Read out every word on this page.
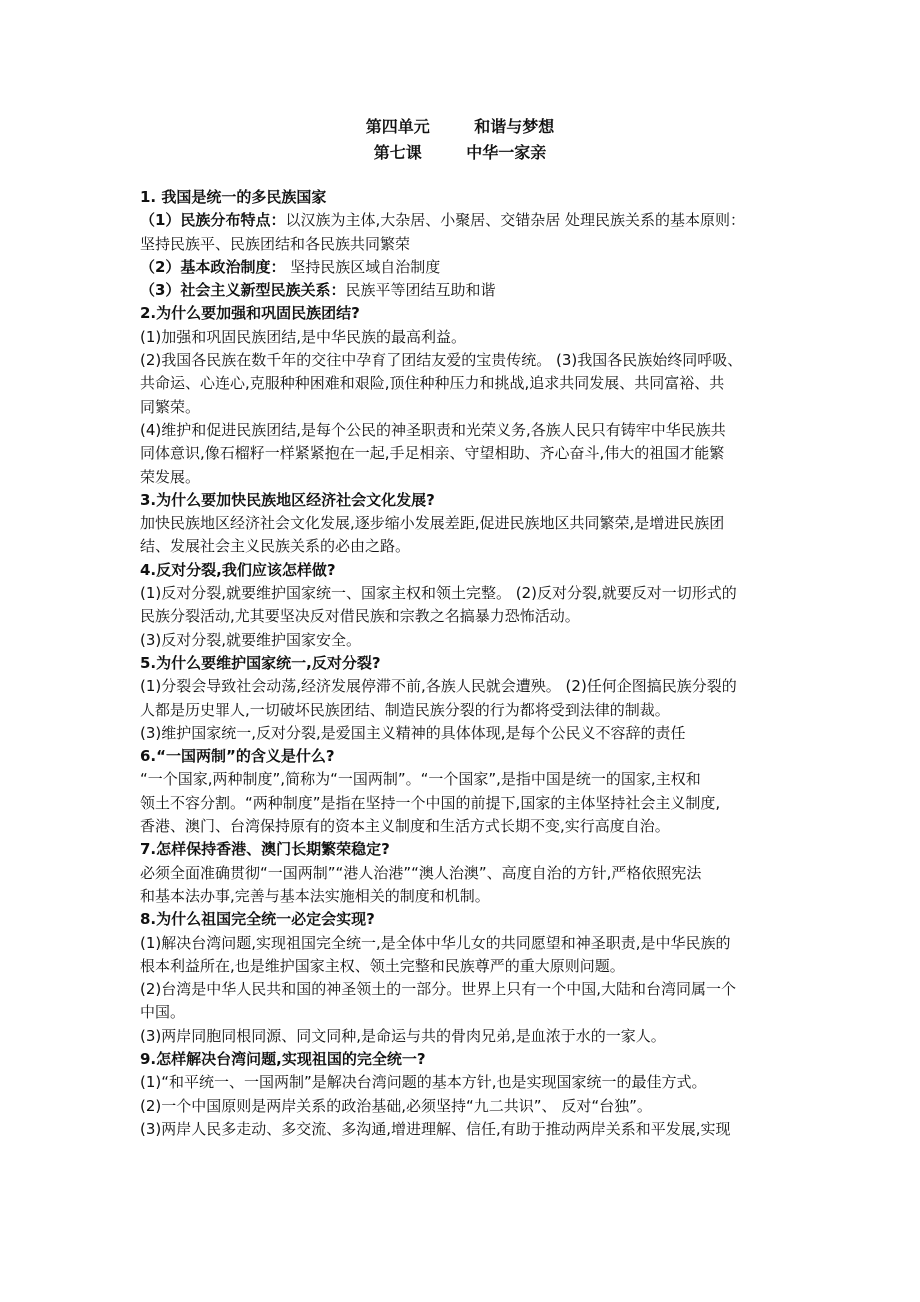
第四单元        和谐与梦想
第七课        中华一家亲
1. 我国是统一的多民族国家
（1）民族分布特点：以汉族为主体,大杂居、小聚居、交错杂居 处理民族关系的基本原则：
坚持民族平、民族团结和各民族共同繁荣
（2）基本政治制度： 坚持民族区域自治制度
（3）社会主义新型民族关系：民族平等团结互助和谐
2.为什么要加强和巩固民族团结?
(1)加强和巩固民族团结,是中华民族的最高利益。
(2)我国各民族在数千年的交往中孕育了团结友爱的宝贵传统。 (3)我国各民族始终同呼吸、
共命运、心连心,克服种种困难和艰险,顶住种种压力和挑战,追求共同发展、共同富裕、共
同繁荣。
(4)维护和促进民族团结,是每个公民的神圣职责和光荣义务,各族人民只有铸牢中华民族共
同体意识,像石榴籽一样紧紧抱在一起,手足相亲、守望相助、齐心奋斗,伟大的祖国才能繁
荣发展。
3.为什么要加快民族地区经济社会文化发展?
加快民族地区经济社会文化发展,逐步缩小发展差距,促进民族地区共同繁荣,是增进民族团
结、发展社会主义民族关系的必由之路。
4.反对分裂,我们应该怎样做?
(1)反对分裂,就要维护国家统一、国家主权和领土完整。 (2)反对分裂,就要反对一切形式的
民族分裂活动,尤其要坚决反对借民族和宗教之名搞暴力恐怖活动。
(3)反对分裂,就要维护国家安全。
5.为什么要维护国家统一,反对分裂?
(1)分裂会导致社会动荡,经济发展停滞不前,各族人民就会遭殃。 (2)任何企图搞民族分裂的
人都是历史罪人,一切破坏民族团结、制造民族分裂的行为都将受到法律的制裁。
(3)维护国家统一,反对分裂,是爱国主义精神的具体体现,是每个公民义不容辞的责任
6.“一国两制”的含义是什么?
“一个国家,两种制度”,简称为“一国两制”。“一个国家”,是指中国是统一的国家,主权和
领土不容分割。“两种制度”是指在坚持一个中国的前提下,国家的主体坚持社会主义制度,
香港、澳门、台湾保持原有的资本主义制度和生活方式长期不变,实行高度自治。
7.怎样保持香港、澳门长期繁荣稳定?
必须全面准确贯彻“一国两制”“港人治港”“澳人治澳”、高度自治的方针,严格依照宪法
和基本法办事,完善与基本法实施相关的制度和机制。
8.为什么祖国完全统一必定会实现?
(1)解决台湾问题,实现祖国完全统一,是全体中华儿女的共同愿望和神圣职责,是中华民族的
根本利益所在,也是维护国家主权、领土完整和民族尊严的重大原则问题。
(2)台湾是中华人民共和国的神圣领土的一部分。世界上只有一个中国,大陆和台湾同属一个
中国。
(3)两岸同胞同根同源、同文同种,是命运与共的骨肉兄弟,是血浓于水的一家人。
9.怎样解决台湾问题,实现祖国的完全统一?
(1)“和平统一、一国两制”是解决台湾问题的基本方针,也是实现国家统一的最佳方式。
(2)一个中国原则是两岸关系的政治基础,必须坚持“九二共识”、 反对“台独”。
(3)两岸人民多走动、多交流、多沟通,增进理解、信任,有助于推动两岸关系和平发展,实现
